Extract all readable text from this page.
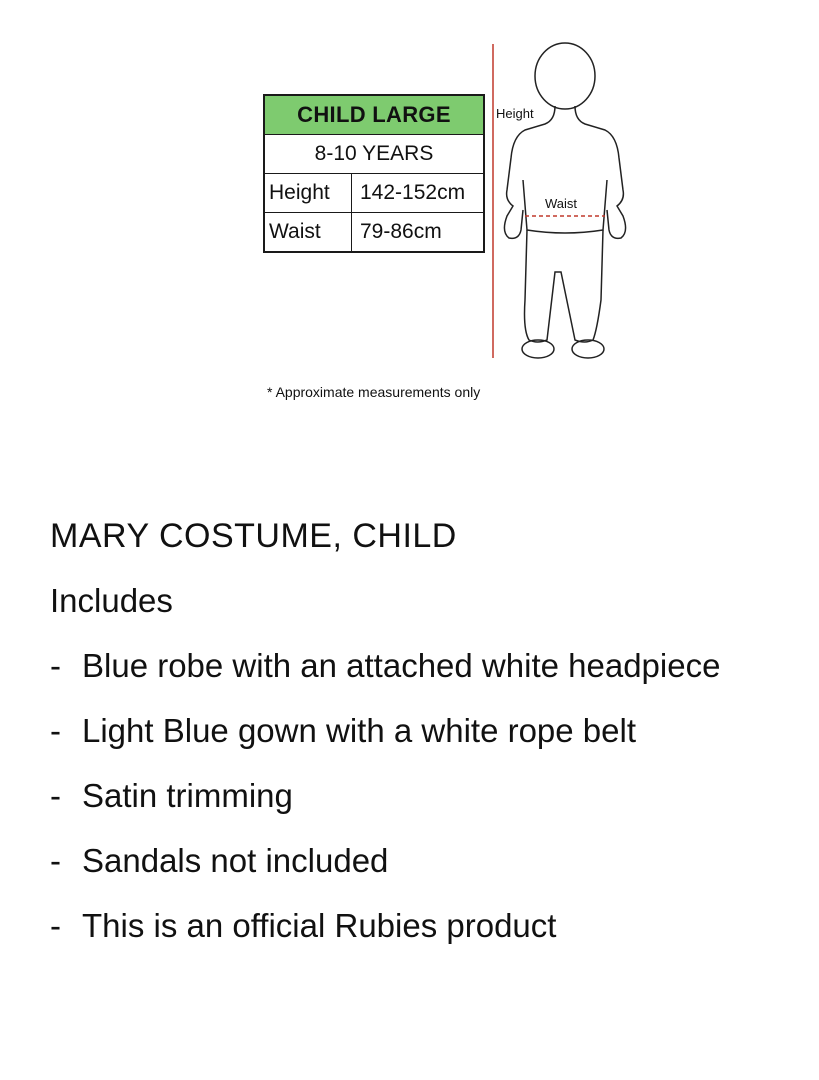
CHILD LARGE	
8-10 YEARS	
Height	142-152cm
Waist	79-86cm
Height
Waist
* Approximate measurements only
MARY COSTUME, CHILD
Includes
- Blue robe with an attached white headpiece
- Light Blue gown with a white rope belt
- Satin trimming
- Sandals not included
- This is an official Rubies product
